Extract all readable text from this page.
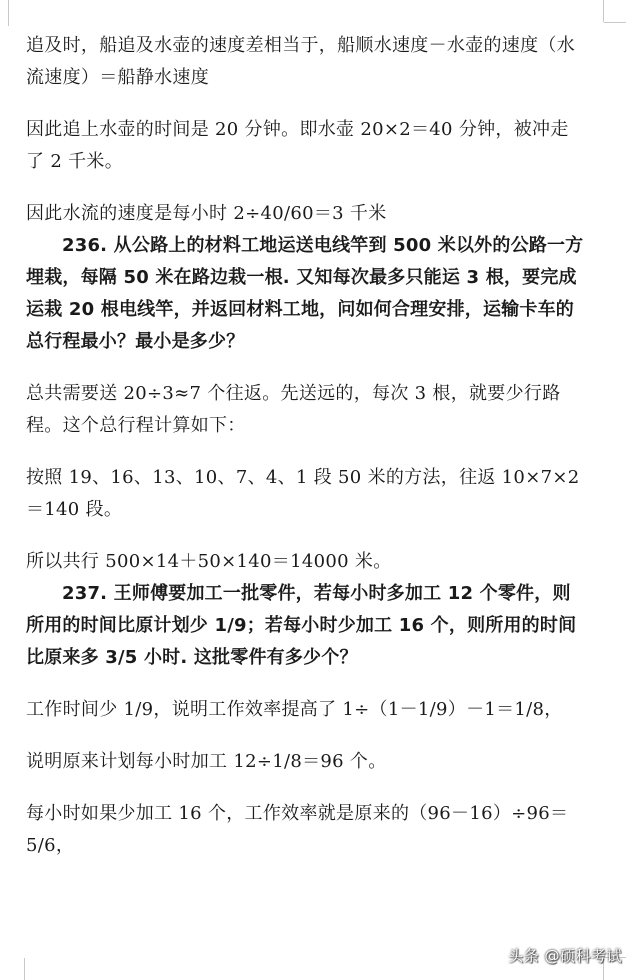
追及时，船追及水壶的速度差相当于，船顺水速度－水壶的速度（水流速度）＝船静水速度

因此追上水壶的时间是 20 分钟。即水壶 20×2＝40 分钟，被冲走了 2 千米。

因此水流的速度是每小时 2÷40/60＝3 千米

236. 从公路上的材料工地运送电线竿到 500 米以外的公路一方埋栽，每隔 50 米在路边栽一根. 又知每次最多只能运 3 根，要完成运栽 20 根电线竿，并返回材料工地，问如何合理安排，运输卡车的总行程最小？最小是多少？

总共需要送 20÷3≈7 个往返。先送远的，每次 3 根，就要少行路程。这个总行程计算如下：

按照 19、16、13、10、7、4、1 段 50 米的方法，往返 10×7×2＝140 段。

所以共行 500×14＋50×140＝14000 米。

237. 王师傅要加工一批零件，若每小时多加工 12 个零件，则所用的时间比原计划少 1/9；若每小时少加工 16 个，则所用的时间比原来多 3/5 小时. 这批零件有多少个？

工作时间少 1/9，说明工作效率提高了 1÷（1－1/9）－1＝1/8，

说明原来计划每小时加工 12÷1/8＝96 个。

每小时如果少加工 16 个，工作效率就是原来的（96－16）÷96＝5/6，

头条 @硕科考试
